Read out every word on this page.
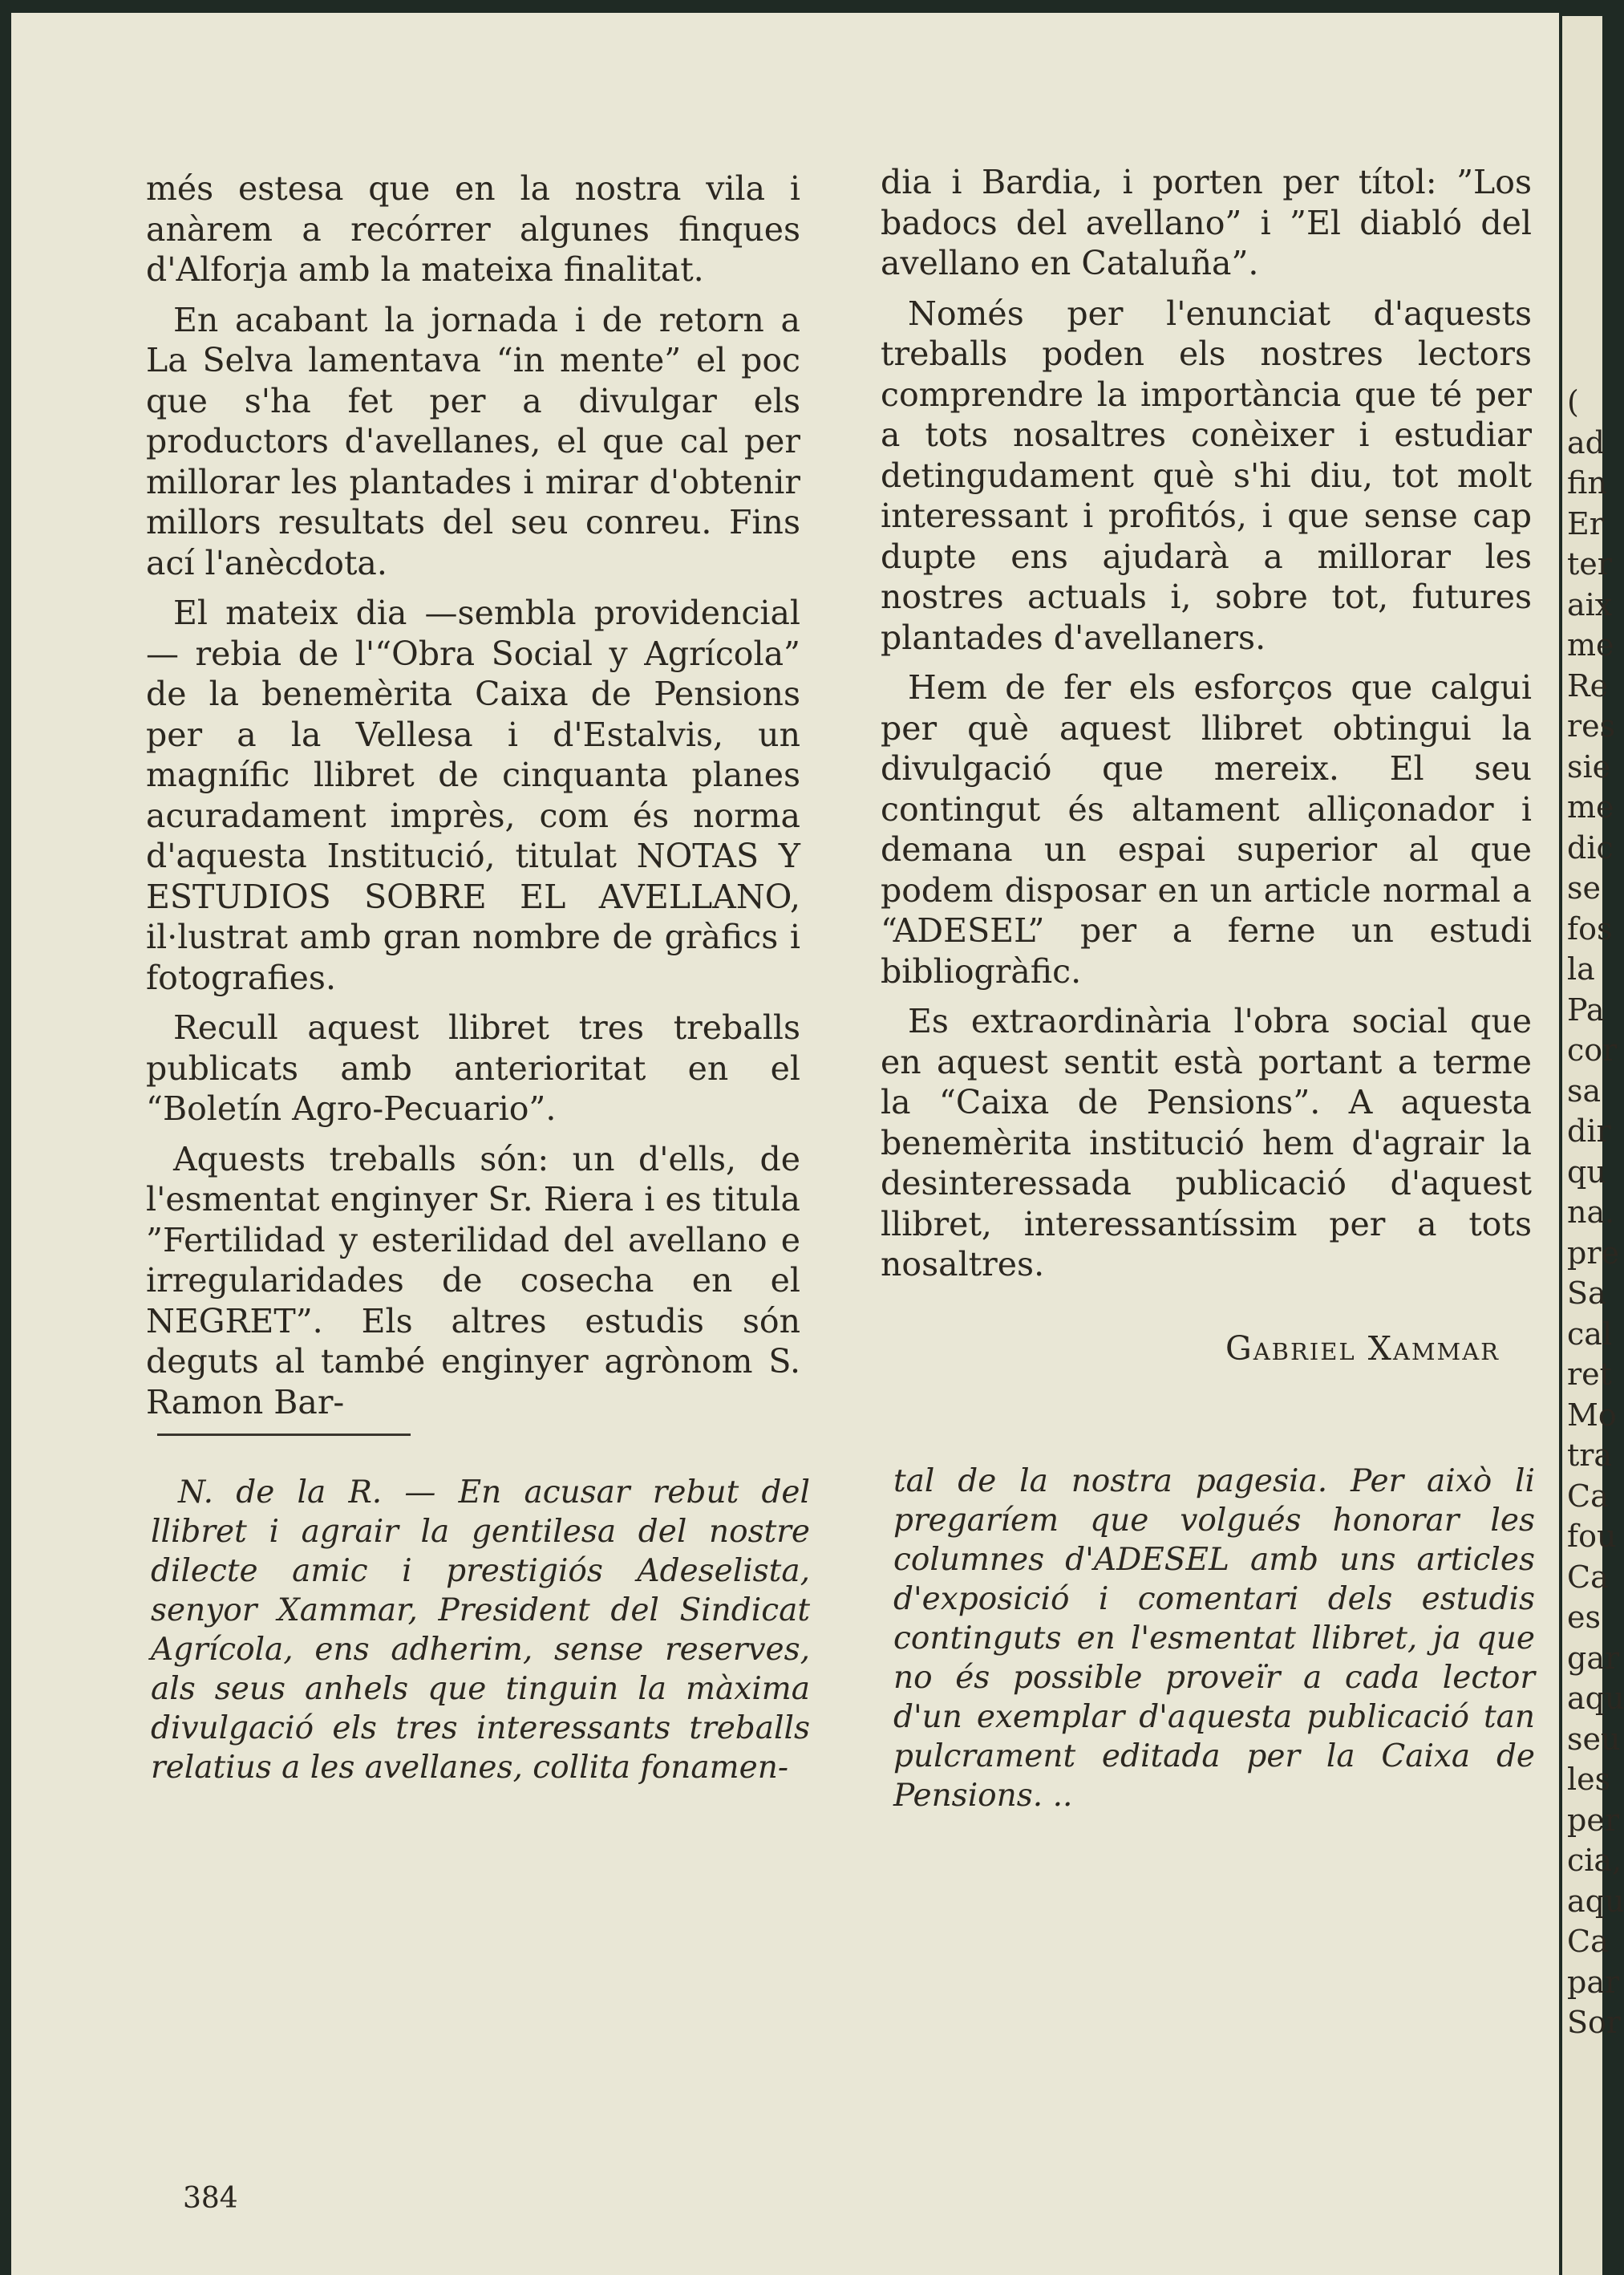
més estesa que en la nostra vila i anàrem a recórrer algunes finques d'Alforja amb la mateixa finalitat.

En acabant la jornada i de retorn a La Selva lamentava “in mente” el poc que s'ha fet per a divulgar els productors d'avellanes, el que cal per millorar les plantades i mirar d'obtenir millors resultats del seu conreu. Fins ací l'anècdota.

El mateix dia —sembla providencial— rebia de l'“Obra Social y Agrícola” de la benemèrita Caixa de Pensions per a la Vellesa i d'Estalvis, un magnífic llibret de cinquanta planes acuradament imprès, com és norma d'aquesta Institució, titulat NOTAS Y ESTUDIOS SOBRE EL AVELLANO, il·lustrat amb gran nombre de gràfics i fotografies.

Recull aquest llibret tres treballs publicats amb anterioritat en el “Boletín Agro-Pecuario”.

Aquests treballs són: un d'ells, de l'esmentat enginyer Sr. Riera i es titula ”Fertilidad y esterilidad del avellano e irregularidades de cosecha en el NEGRET”. Els altres estudis són deguts al també enginyer agrònom S. Ramon Bar-

dia i Bardia, i porten per títol: ”Los badocs del avellano” i ”El diabló del avellano en Cataluña”.

Només per l'enunciat d'aquests treballs poden els nostres lectors comprendre la importància que té per a tots nosaltres conèixer i estudiar detingudament què s'hi diu, tot molt interessant i profitós, i que sense cap dupte ens ajudarà a millorar les nostres actuals i, sobre tot, futures plantades d'avellaners.

Hem de fer els esforços que calgui per què aquest llibret obtingui la divulgació que mereix. El seu contingut és altament alliçonador i demana un espai superior al que podem disposar en un article normal a “ADESEL” per a ferne un estudi bibliogràfic.

Es extraordinària l'obra social que en aquest sentit està portant a terme la “Caixa de Pensions”. A aquesta benemèrita institució hem d'agrair la desinteressada publicació d'aquest llibret, interessantíssim per a tots nosaltres.

Gabriel Xammar

N. de la R. — En acusar rebut del llibret i agrair la gentilesa del nostre dilecte amic i prestigiós Adeselista, senyor Xammar, President del Sindicat Agrícola, ens adherim, sense reserves, als seus anhels que tinguin la màxima divulgació els tres interessants treballs relatius a les avellanes, collita fonamen-

tal de la nostra pagesia. Per això li pregaríem que volgués honorar les columnes d'ADESEL amb uns articles d'exposició i comentari dels estudis continguts en l'esmentat llibret, ja que no és possible proveïr a cada lector d'un exemplar d'aquesta publicació tan pulcrament editada per la Caixa de Pensions. ..

384
(
ad
fin
Er
ter
aix
me
Re
res
sie
me
dic
se
fos
la
Pa
cor
sa
dir
qu
na.
pre
Sa
cal
ret
Mo
tra
Ca
fou
Ca
es
gar
aqu
seu
les
per
cia,
aqu
Ca
par
Sor
